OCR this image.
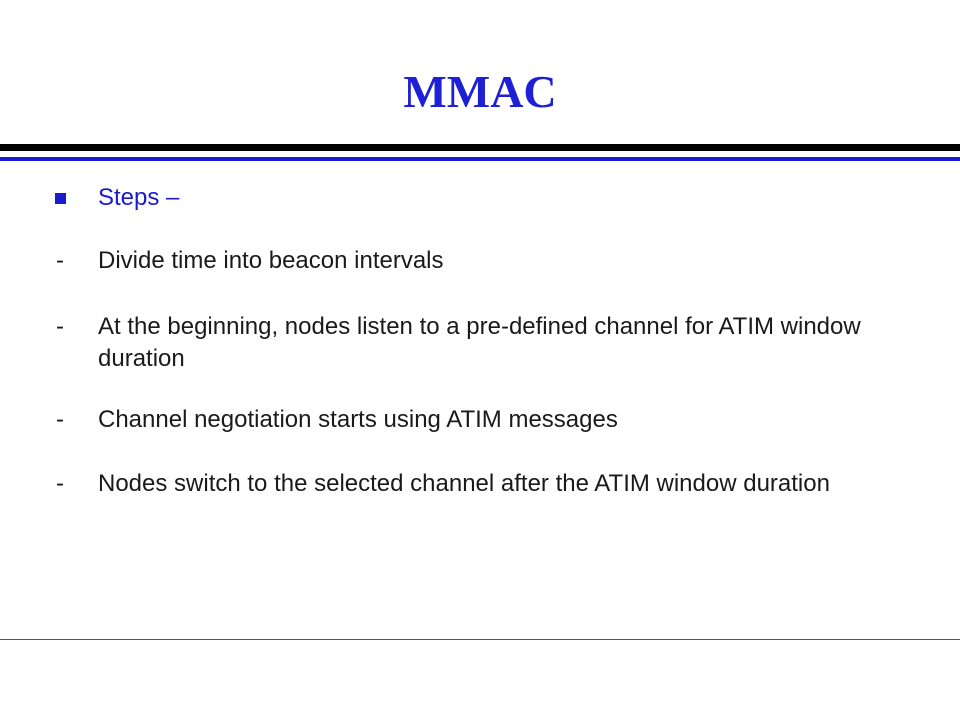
MMAC
Steps –
-	Divide time into beacon intervals
-	At the beginning, nodes listen to a pre-defined channel for ATIM window duration
-	Channel negotiation starts using ATIM messages
-	Nodes switch to the selected channel after the ATIM window duration
